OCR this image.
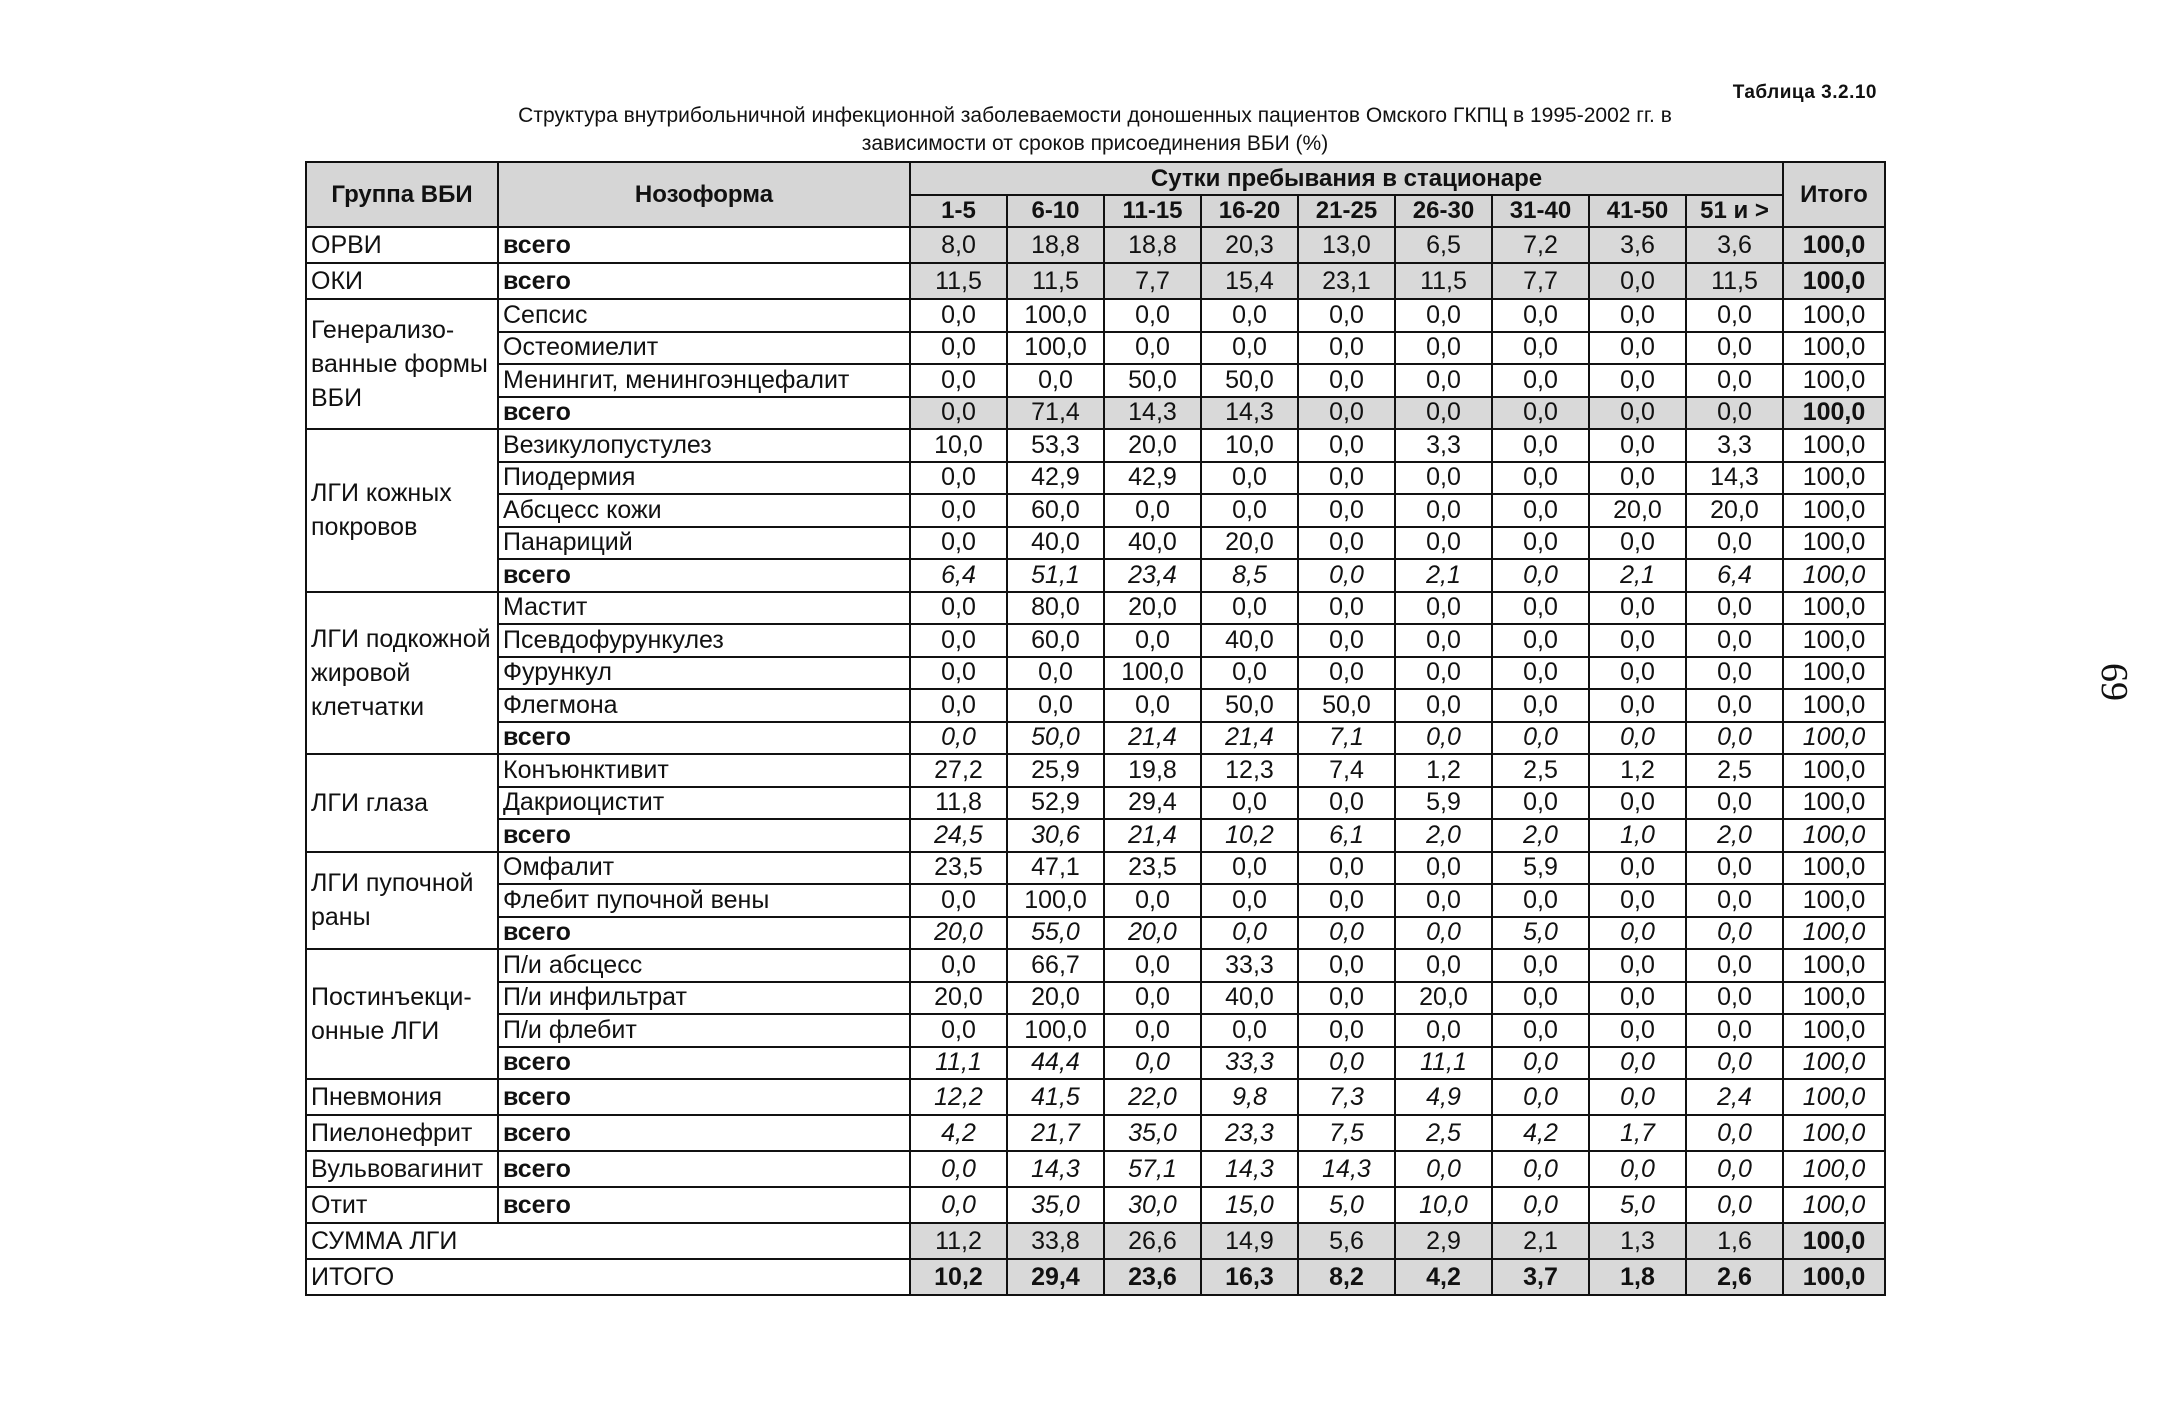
Таблица 3.2.10
Структура внутрибольничной инфекционной заболеваемости доношенных пациентов Омского ГКПЦ в 1995-2002 гг. в
зависимости от сроков присоединения ВБИ (%)
69
Группа ВБИ	Нозоформа	Сутки пребывания в стационаре									Итого
		1-5	6-10	11-15	16-20	21-25	26-30	31-40	41-50	51 и >	
ОРВИ	всего	8,0	18,8	18,8	20,3	13,0	6,5	7,2	3,6	3,6	100,0
ОКИ	всего	11,5	11,5	7,7	15,4	23,1	11,5	7,7	0,0	11,5	100,0
Генерализо-ванные формы ВБИ	Сепсис	0,0	100,0	0,0	0,0	0,0	0,0	0,0	0,0	0,0	100,0
	Остеомиелит	0,0	100,0	0,0	0,0	0,0	0,0	0,0	0,0	0,0	100,0
	Менингит, менингоэнцефалит	0,0	0,0	50,0	50,0	0,0	0,0	0,0	0,0	0,0	100,0
	всего	0,0	71,4	14,3	14,3	0,0	0,0	0,0	0,0	0,0	100,0
ЛГИ кожных покровов	Везикулопустулез	10,0	53,3	20,0	10,0	0,0	3,3	0,0	0,0	3,3	100,0
	Пиодермия	0,0	42,9	42,9	0,0	0,0	0,0	0,0	0,0	14,3	100,0
	Абсцесс кожи	0,0	60,0	0,0	0,0	0,0	0,0	0,0	20,0	20,0	100,0
	Панариций	0,0	40,0	40,0	20,0	0,0	0,0	0,0	0,0	0,0	100,0
	всего	6,4	51,1	23,4	8,5	0,0	2,1	0,0	2,1	6,4	100,0
ЛГИ подкожной жировой клетчатки	Мастит	0,0	80,0	20,0	0,0	0,0	0,0	0,0	0,0	0,0	100,0
	Псевдофурункулез	0,0	60,0	0,0	40,0	0,0	0,0	0,0	0,0	0,0	100,0
	Фурункул	0,0	0,0	100,0	0,0	0,0	0,0	0,0	0,0	0,0	100,0
	Флегмона	0,0	0,0	0,0	50,0	50,0	0,0	0,0	0,0	0,0	100,0
	всего	0,0	50,0	21,4	21,4	7,1	0,0	0,0	0,0	0,0	100,0
ЛГИ глаза	Конъюнктивит	27,2	25,9	19,8	12,3	7,4	1,2	2,5	1,2	2,5	100,0
	Дакриоцистит	11,8	52,9	29,4	0,0	0,0	5,9	0,0	0,0	0,0	100,0
	всего	24,5	30,6	21,4	10,2	6,1	2,0	2,0	1,0	2,0	100,0
ЛГИ пупочной раны	Омфалит	23,5	47,1	23,5	0,0	0,0	0,0	5,9	0,0	0,0	100,0
	Флебит пупочной вены	0,0	100,0	0,0	0,0	0,0	0,0	0,0	0,0	0,0	100,0
	всего	20,0	55,0	20,0	0,0	0,0	0,0	5,0	0,0	0,0	100,0
Постинъекци-онные ЛГИ	П/и абсцесс	0,0	66,7	0,0	33,3	0,0	0,0	0,0	0,0	0,0	100,0
	П/и инфильтрат	20,0	20,0	0,0	40,0	0,0	20,0	0,0	0,0	0,0	100,0
	П/и флебит	0,0	100,0	0,0	0,0	0,0	0,0	0,0	0,0	0,0	100,0
	всего	11,1	44,4	0,0	33,3	0,0	11,1	0,0	0,0	0,0	100,0
Пневмония	всего	12,2	41,5	22,0	9,8	7,3	4,9	0,0	0,0	2,4	100,0
Пиелонефрит	всего	4,2	21,7	35,0	23,3	7,5	2,5	4,2	1,7	0,0	100,0
Вульвовагинит	всего	0,0	14,3	57,1	14,3	14,3	0,0	0,0	0,0	0,0	100,0
Отит	всего	0,0	35,0	30,0	15,0	5,0	10,0	0,0	5,0	0,0	100,0
СУММА ЛГИ		11,2	33,8	26,6	14,9	5,6	2,9	2,1	1,3	1,6	100,0
ИТОГО		10,2	29,4	23,6	16,3	8,2	4,2	3,7	1,8	2,6	100,0
